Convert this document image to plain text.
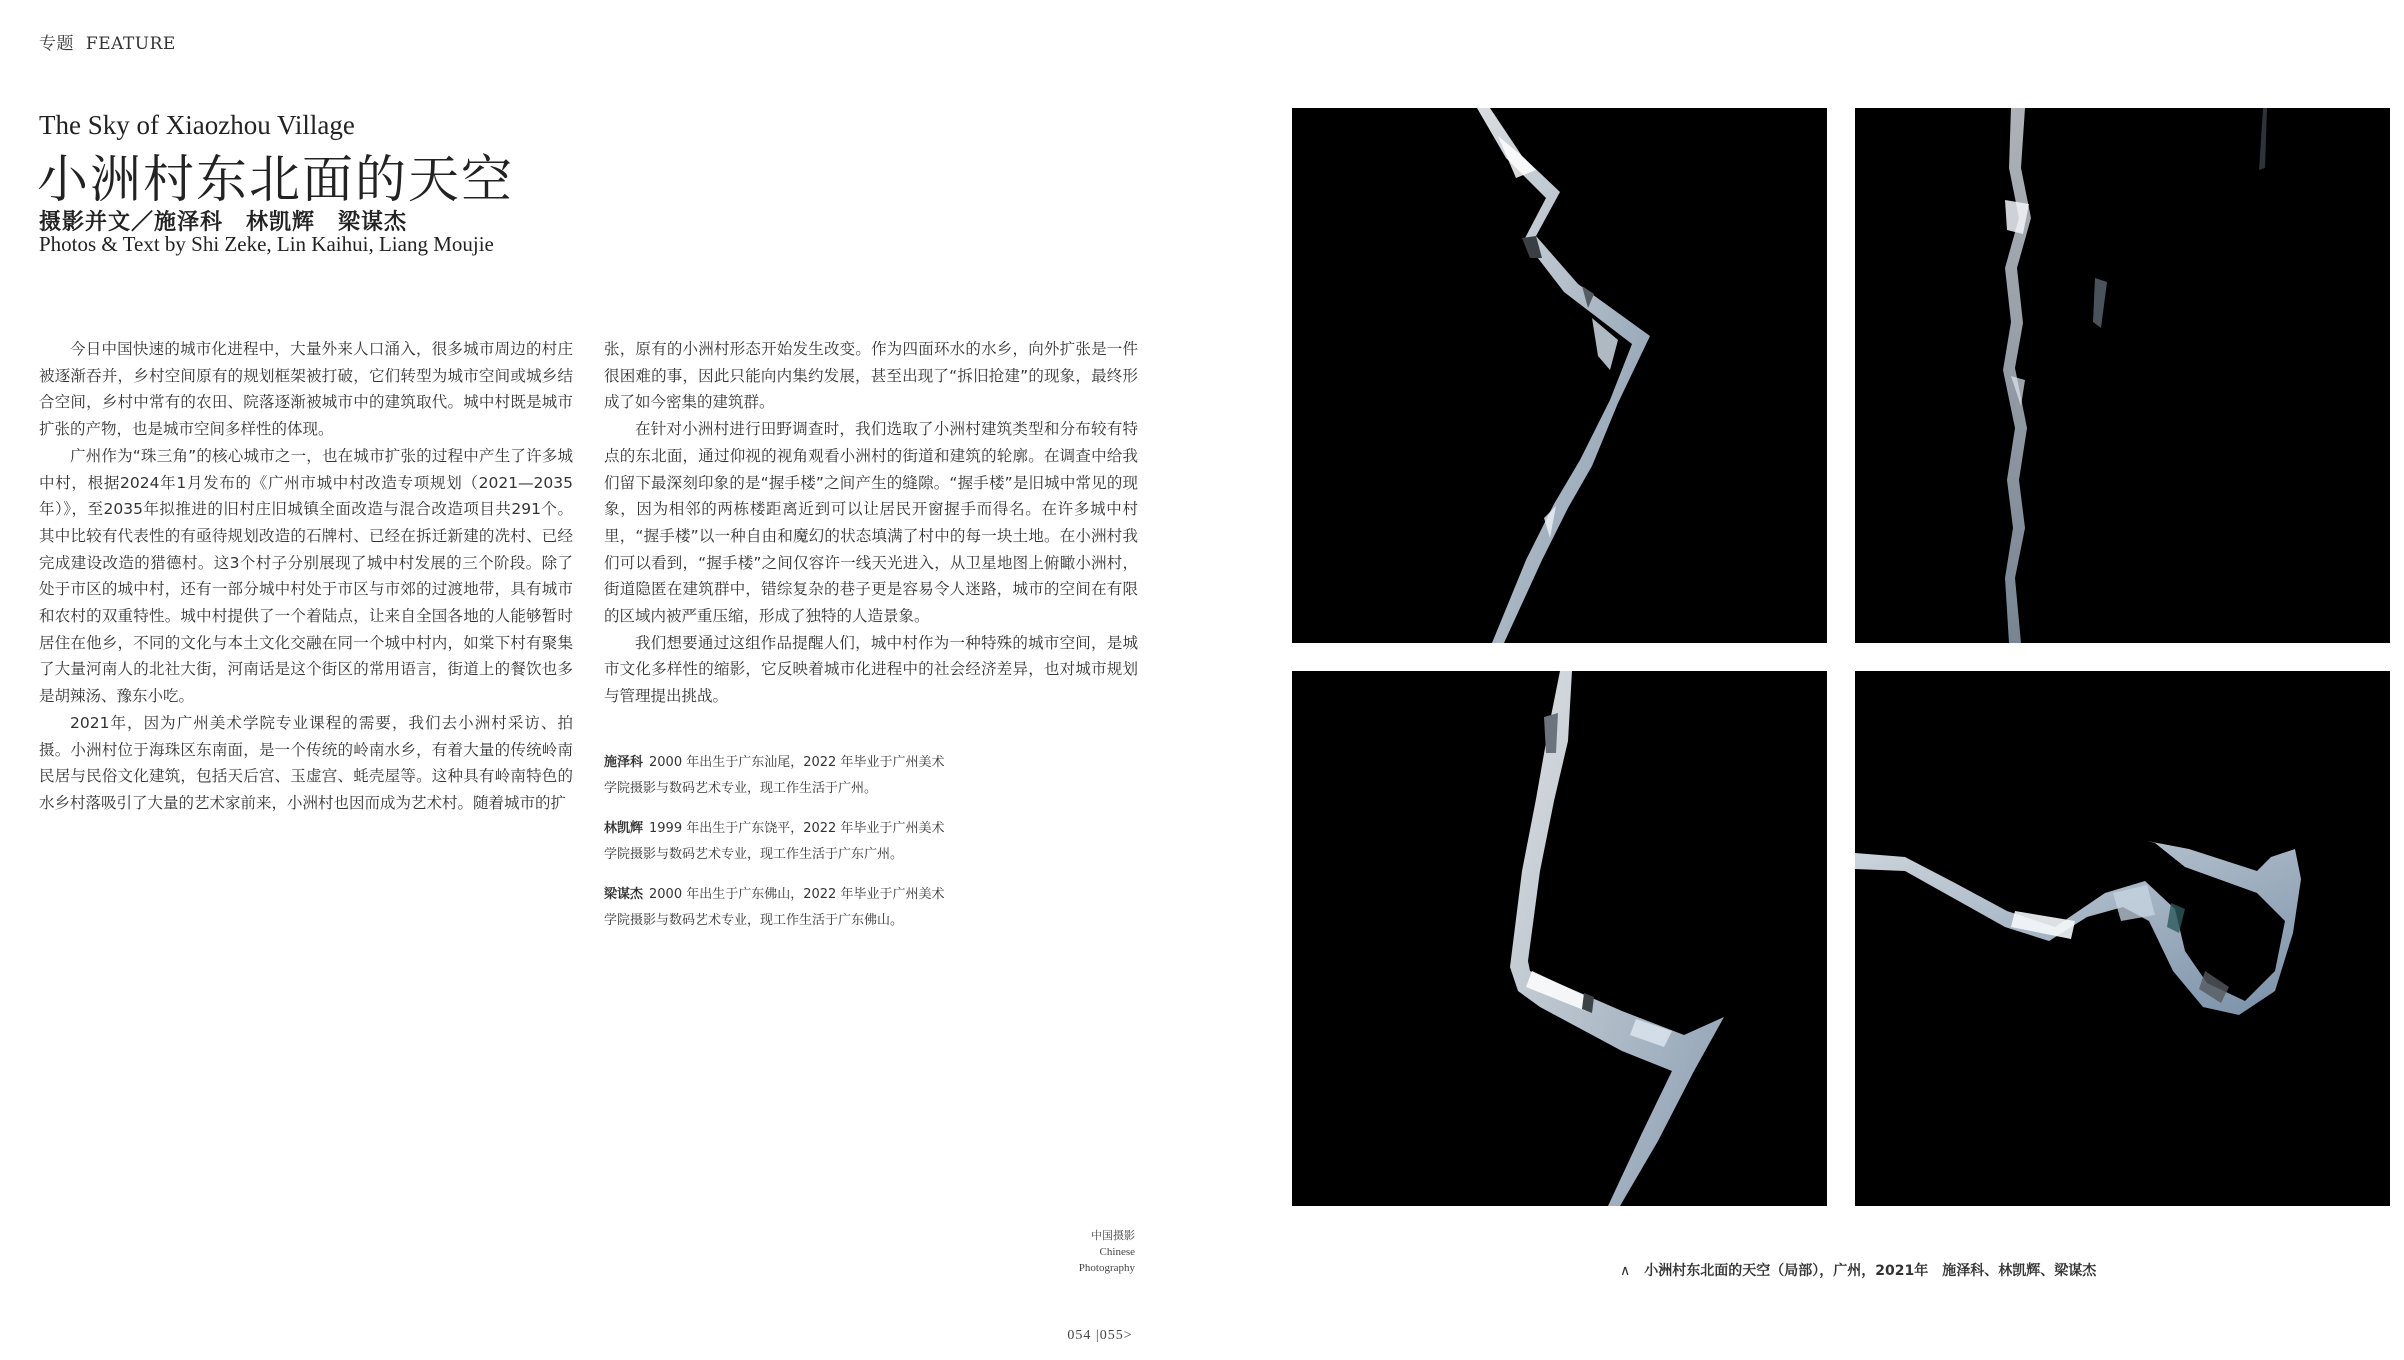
专题 FEATURE
The Sky of Xiaozhou Village
小洲村东北面的天空
摄影并文／施泽科　林凯辉　梁谋杰
Photos & Text by Shi Zeke, Lin Kaihui, Liang Moujie

今日中国快速的城市化进程中，大量外来人口涌入，很多城市周边的村庄被逐渐吞并，乡村空间原有的规划框架被打破，它们转型为城市空间或城乡结合空间，乡村中常有的农田、院落逐渐被城市中的建筑取代。城中村既是城市扩张的产物，也是城市空间多样性的体现。

广州作为“珠三角”的核心城市之一，也在城市扩张的过程中产生了许多城中村，根据2024年1月发布的《广州市城中村改造专项规划（2021—2035年）》，至2035年拟推进的旧村庄旧城镇全面改造与混合改造项目共291个。其中比较有代表性的有亟待规划改造的石牌村、已经在拆迁新建的冼村、已经完成建设改造的猎德村。这3个村子分别展现了城中村发展的三个阶段。除了处于市区的城中村，还有一部分城中村处于市区与市郊的过渡地带，具有城市和农村的双重特性。城中村提供了一个着陆点，让来自全国各地的人能够暂时居住在他乡，不同的文化与本土文化交融在同一个城中村内，如棠下村有聚集了大量河南人的北社大街，河南话是这个街区的常用语言，街道上的餐饮也多是胡辣汤、豫东小吃。

2021年，因为广州美术学院专业课程的需要，我们去小洲村采访、拍摄。小洲村位于海珠区东南面，是一个传统的岭南水乡，有着大量的传统岭南民居与民俗文化建筑，包括天后宫、玉虚宫、蚝壳屋等。这种具有岭南特色的水乡村落吸引了大量的艺术家前来，小洲村也因而成为艺术村。随着城市的扩

张，原有的小洲村形态开始发生改变。作为四面环水的水乡，向外扩张是一件很困难的事，因此只能向内集约发展，甚至出现了“拆旧抢建”的现象，最终形成了如今密集的建筑群。

在针对小洲村进行田野调查时，我们选取了小洲村建筑类型和分布较有特点的东北面，通过仰视的视角观看小洲村的街道和建筑的轮廓。在调查中给我们留下最深刻印象的是“握手楼”之间产生的缝隙。“握手楼”是旧城中常见的现象，因为相邻的两栋楼距离近到可以让居民开窗握手而得名。在许多城中村里，“握手楼”以一种自由和魔幻的状态填满了村中的每一块土地。在小洲村我们可以看到，“握手楼”之间仅容许一线天光进入，从卫星地图上俯瞰小洲村，街道隐匿在建筑群中，错综复杂的巷子更是容易令人迷路，城市的空间在有限的区域内被严重压缩，形成了独特的人造景象。

我们想要通过这组作品提醒人们，城中村作为一种特殊的城市空间，是城市文化多样性的缩影，它反映着城市化进程中的社会经济差异，也对城市规划与管理提出挑战。

施泽科 2000 年出生于广东汕尾，2022 年毕业于广州美术
学院摄影与数码艺术专业，现工作生活于广州。
林凯辉 1999 年出生于广东饶平，2022 年毕业于广州美术
学院摄影与数码艺术专业，现工作生活于广东广州。
梁谋杰 2000 年出生于广东佛山，2022 年毕业于广州美术
学院摄影与数码艺术专业，现工作生活于广东佛山。
中国摄影
Chinese
Photography
054 |055>
∧ 小洲村东北面的天空（局部），广州，2021年　施泽科、林凯辉、梁谋杰
